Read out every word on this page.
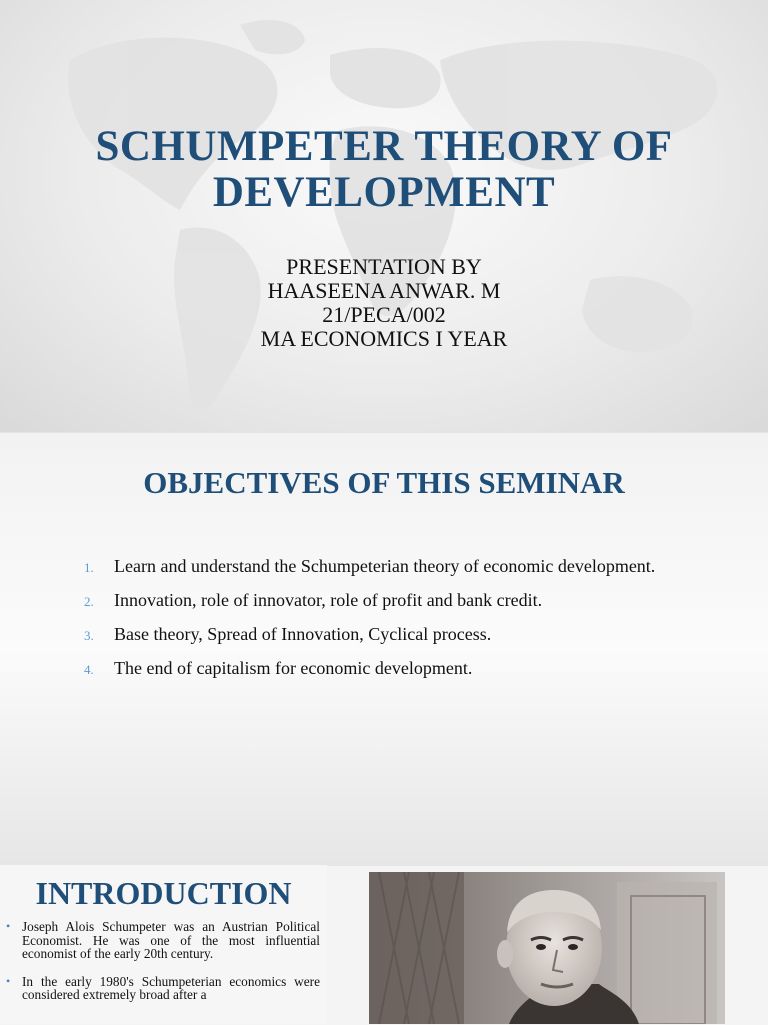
SCHUMPETER THEORY OF DEVELOPMENT
PRESENTATION BY
HAASEENA ANWAR. M
21/PECA/002
MA ECONOMICS I YEAR
OBJECTIVES OF THIS SEMINAR
1. Learn and understand the Schumpeterian theory of economic development.
2. Innovation, role of innovator, role of profit and bank credit.
3. Base theory, Spread of Innovation, Cyclical process.
4. The end of capitalism for economic development.
INTRODUCTION
• Joseph Alois Schumpeter was an Austrian Political Economist. He was one of the most influential economist of the early 20th century.
• In the early 1980's Schumpeterian economics were considered extremely broad after a
